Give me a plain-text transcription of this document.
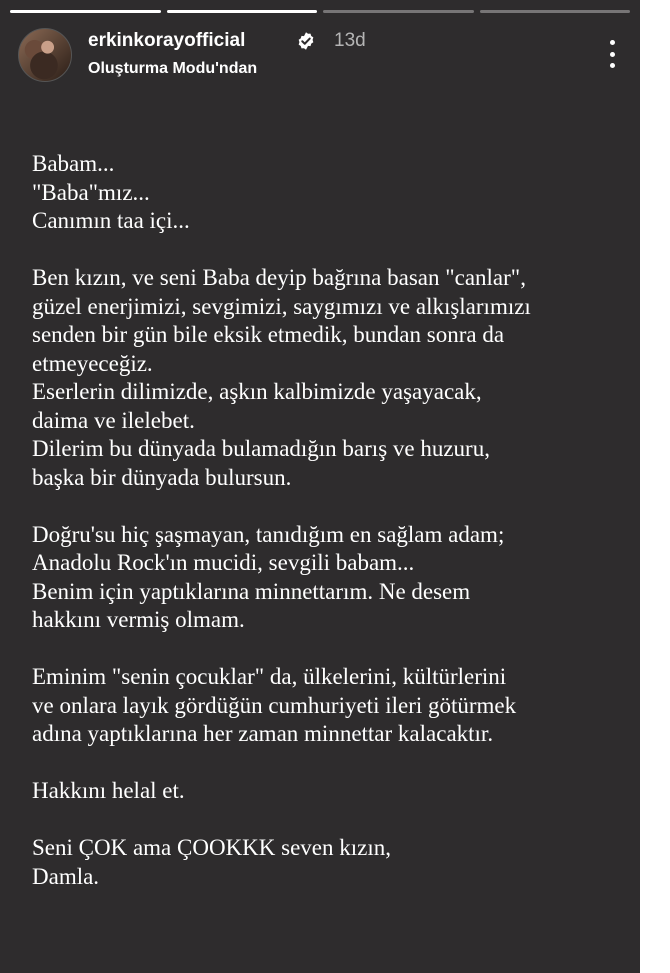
erkinkorayofficial	13d
Oluşturma Modu'ndan
Babam...
"Baba"mız...
Canımın taa içi...
Ben kızın, ve seni Baba deyip bağrına basan "canlar",
güzel enerjimizi, sevgimizi, saygımızı ve alkışlarımızı
senden bir gün bile eksik etmedik, bundan sonra da
etmeyeceğiz.
Eserlerin dilimizde, aşkın kalbimizde yaşayacak,
daima ve ilelebet.
Dilerim bu dünyada bulamadığın barış ve huzuru,
başka bir dünyada bulursun.
Doğru'su hiç şaşmayan, tanıdığım en sağlam adam;
Anadolu Rock'ın mucidi, sevgili babam...
Benim için yaptıklarına minnettarım. Ne desem
hakkını vermiş olmam.
Eminim "senin çocuklar" da, ülkelerini, kültürlerini
ve onlara layık gördüğün cumhuriyeti ileri götürmek
adına yaptıklarına her zaman minnettar kalacaktır.
Hakkını helal et.
Seni ÇOK ama ÇOOKKK seven kızın,
Damla.
